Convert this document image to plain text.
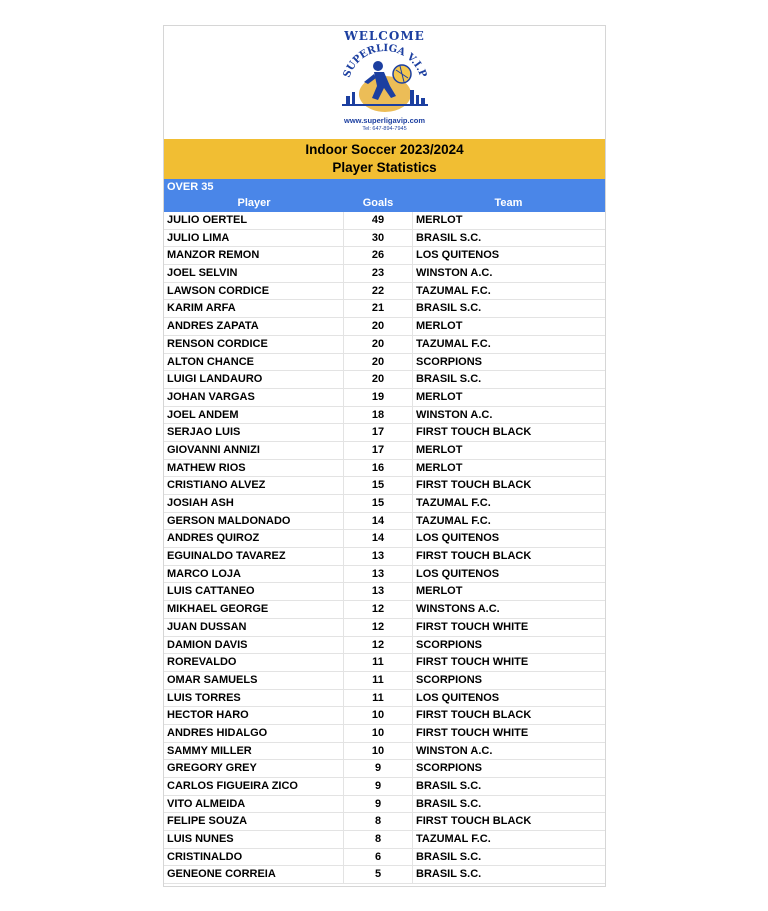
WELCOME
SUPERLIGA V.I.P
www.superligavip.com
Tel: 647-894-7945
Indoor Soccer 2023/2024
Player Statistics
OVER 35
Player	Goals	Team
JULIO OERTEL	49	MERLOT
JULIO LIMA	30	BRASIL S.C.
MANZOR REMON	26	LOS QUITENOS
JOEL SELVIN	23	WINSTON A.C.
LAWSON CORDICE	22	TAZUMAL F.C.
KARIM ARFA	21	BRASIL S.C.
ANDRES ZAPATA	20	MERLOT
RENSON CORDICE	20	TAZUMAL F.C.
ALTON CHANCE	20	SCORPIONS
LUIGI LANDAURO	20	BRASIL S.C.
JOHAN VARGAS	19	MERLOT
JOEL ANDEM	18	WINSTON A.C.
SERJAO LUIS	17	FIRST TOUCH BLACK
GIOVANNI ANNIZI	17	MERLOT
MATHEW RIOS	16	MERLOT
CRISTIANO ALVEZ	15	FIRST TOUCH BLACK
JOSIAH ASH	15	TAZUMAL F.C.
GERSON MALDONADO	14	TAZUMAL F.C.
ANDRES QUIROZ	14	LOS QUITENOS
EGUINALDO TAVAREZ	13	FIRST TOUCH BLACK
MARCO LOJA	13	LOS QUITENOS
LUIS CATTANEO	13	MERLOT
MIKHAEL GEORGE	12	WINSTONS A.C.
JUAN DUSSAN	12	FIRST TOUCH WHITE
DAMION DAVIS	12	SCORPIONS
ROREVALDO	11	FIRST TOUCH WHITE
OMAR SAMUELS	11	SCORPIONS
LUIS TORRES	11	LOS QUITENOS
HECTOR HARO	10	FIRST TOUCH BLACK
ANDRES HIDALGO	10	FIRST TOUCH WHITE
SAMMY MILLER	10	WINSTON A.C.
GREGORY GREY	9	SCORPIONS
CARLOS FIGUEIRA ZICO	9	BRASIL S.C.
VITO ALMEIDA	9	BRASIL S.C.
FELIPE SOUZA	8	FIRST TOUCH BLACK
LUIS NUNES	8	TAZUMAL F.C.
CRISTINALDO	6	BRASIL S.C.
GENEONE CORREIA	5	BRASIL S.C.
